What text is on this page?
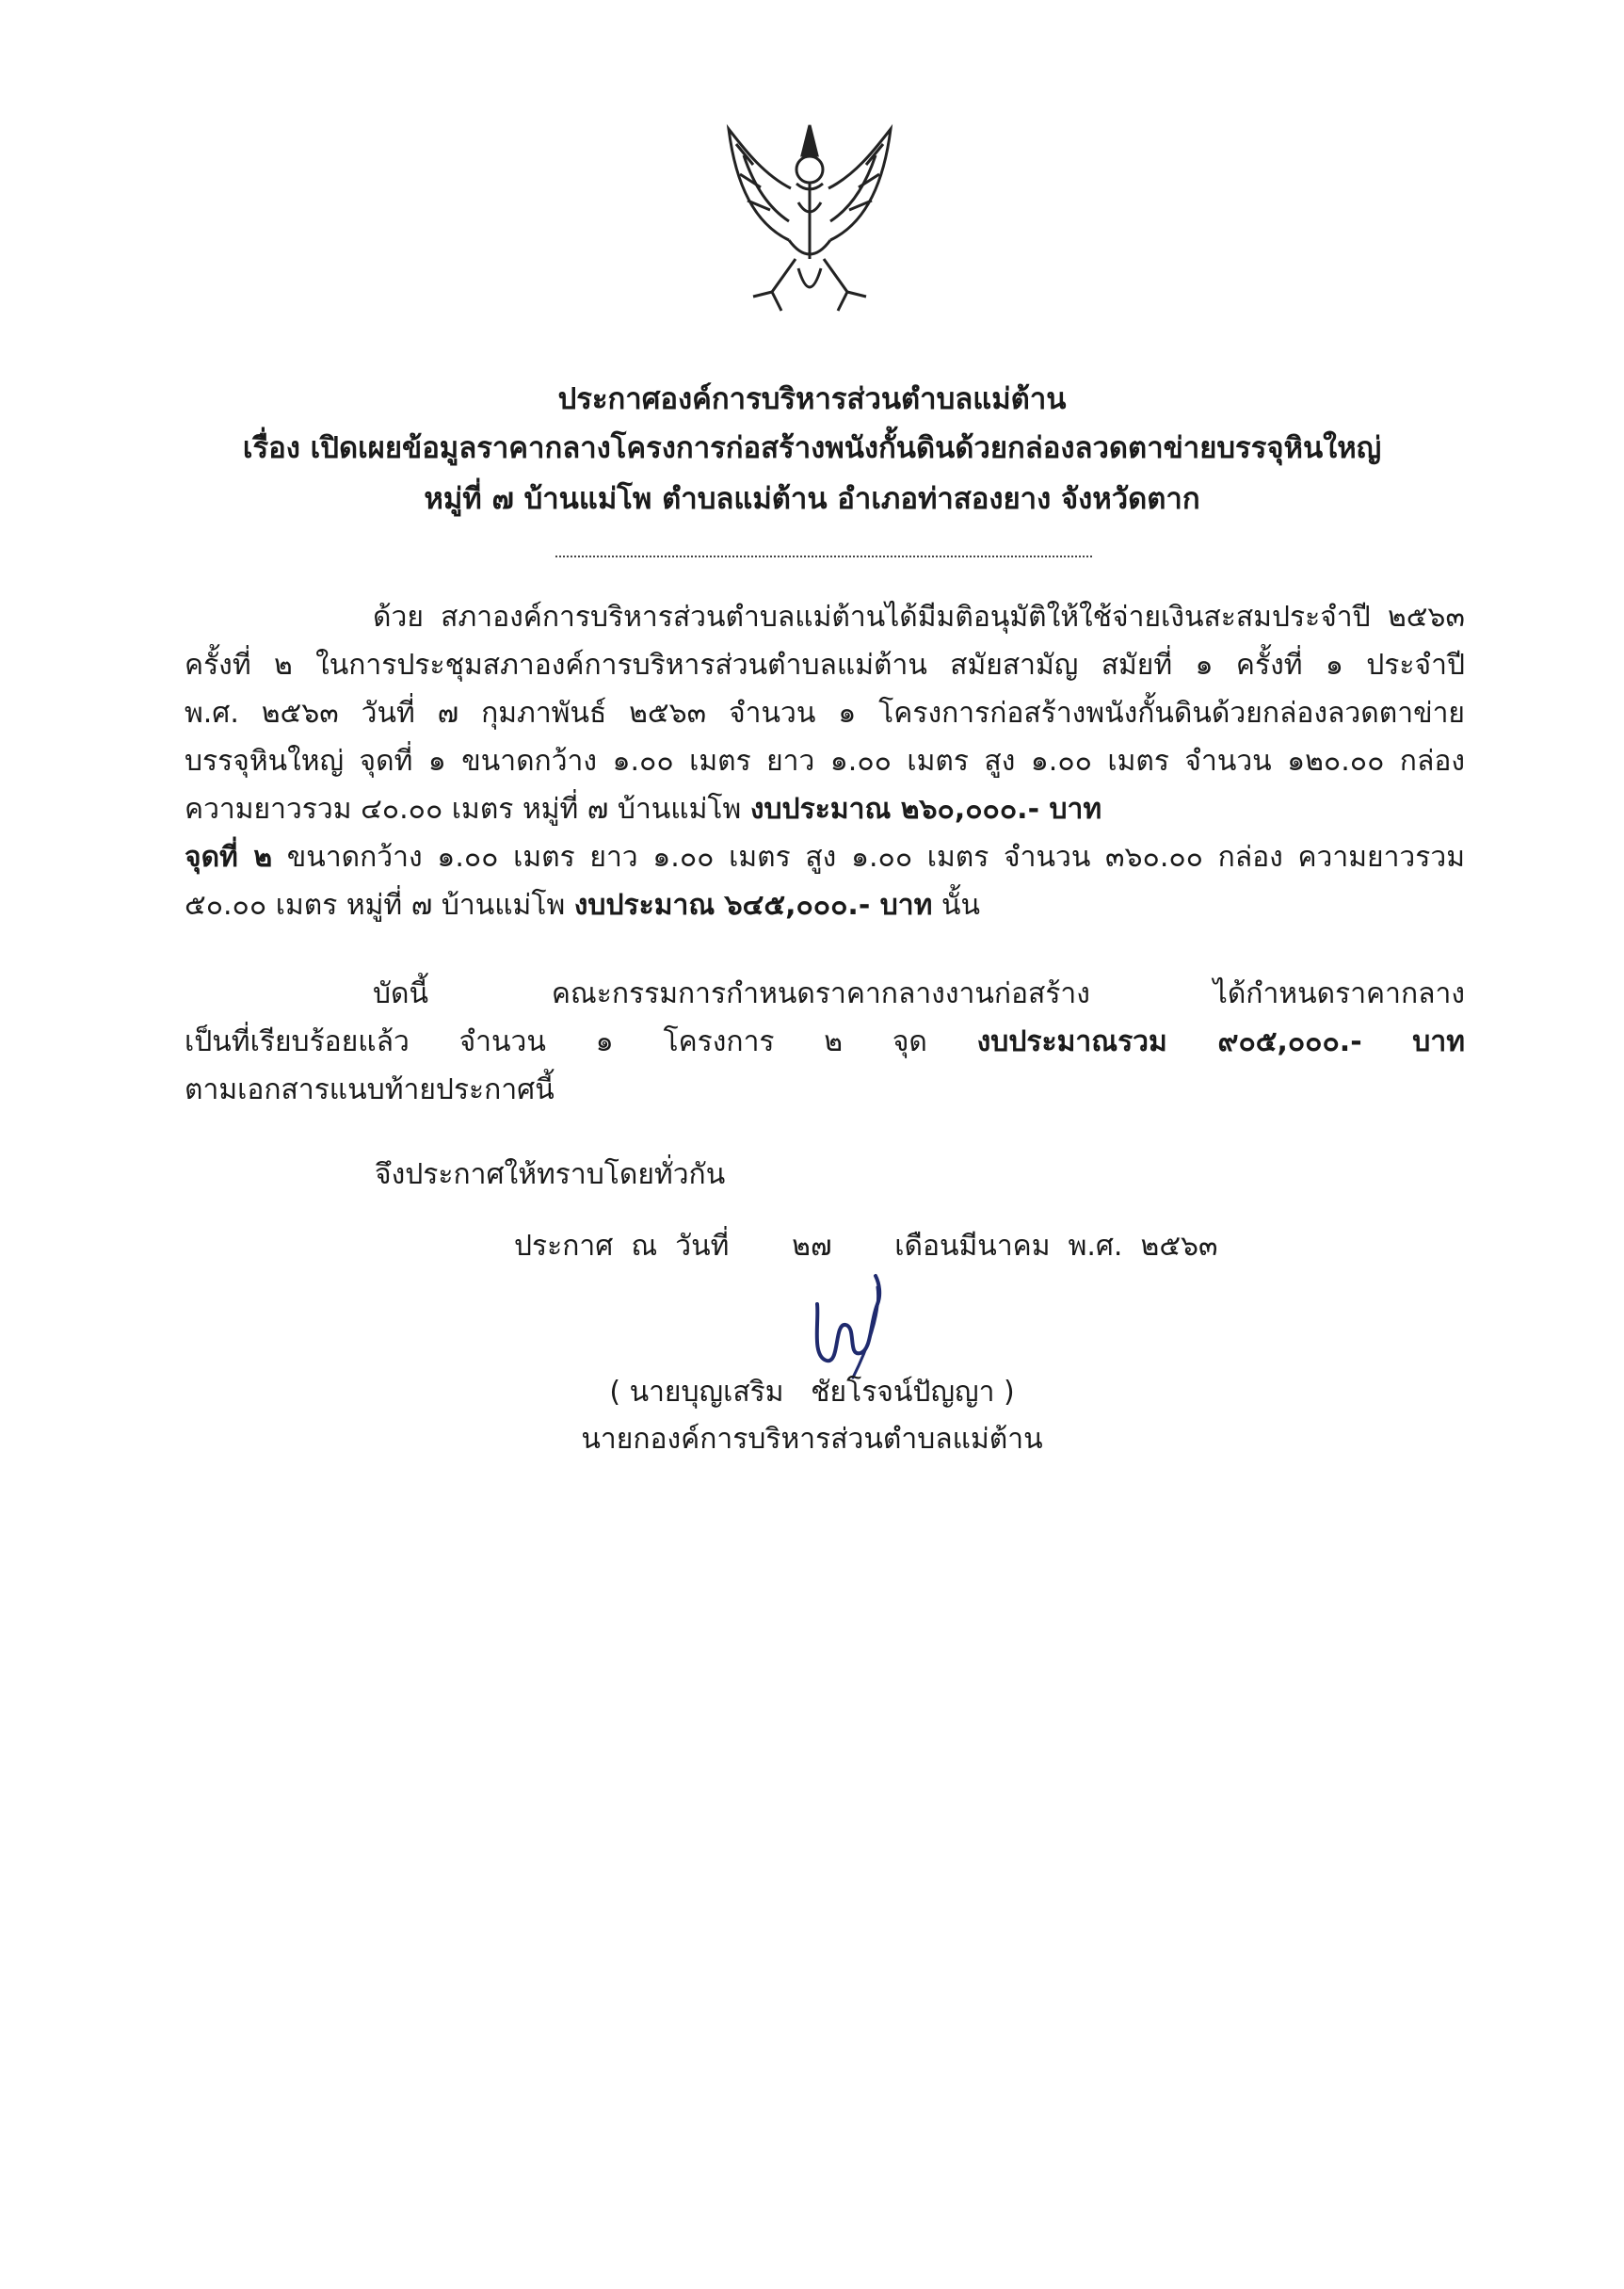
ประกาศองค์การบริหารส่วนตำบลแม่ต้าน
เรื่อง เปิดเผยข้อมูลราคากลางโครงการก่อสร้างพนังกั้นดินด้วยกล่องลวดตาข่ายบรรจุหินใหญ่
หมู่ที่ ๗ บ้านแม่โพ ตำบลแม่ต้าน อำเภอท่าสองยาง จังหวัดตาก
ด้วย สภาองค์การบริหารส่วนตำบลแม่ต้านได้มีมติอนุมัติให้ใช้จ่ายเงินสะสมประจำปี ๒๕๖๓
ครั้งที่ ๒ ในการประชุมสภาองค์การบริหารส่วนตำบลแม่ต้าน สมัยสามัญ สมัยที่ ๑ ครั้งที่ ๑ ประจำปี
พ.ศ. ๒๕๖๓ วันที่ ๗ กุมภาพันธ์ ๒๕๖๓ จำนวน ๑ โครงการก่อสร้างพนังกั้นดินด้วยกล่องลวดตาข่าย
บรรจุหินใหญ่ จุดที่ ๑ ขนาดกว้าง ๑.๐๐ เมตร ยาว ๑.๐๐ เมตร สูง ๑.๐๐ เมตร จำนวน ๑๒๐.๐๐ กล่อง
ความยาวรวม ๔๐.๐๐ เมตร หมู่ที่ ๗ บ้านแม่โพ งบประมาณ ๒๖๐,๐๐๐.- บาท
จุดที่ ๒ ขนาดกว้าง ๑.๐๐ เมตร ยาว ๑.๐๐ เมตร สูง ๑.๐๐ เมตร จำนวน ๓๖๐.๐๐ กล่อง ความยาวรวม
๕๐.๐๐ เมตร หมู่ที่ ๗ บ้านแม่โพ งบประมาณ ๖๔๕,๐๐๐.- บาท นั้น
บัดนี้ คณะกรรมการกำหนดราคากลางงานก่อสร้าง ได้กำหนดราคากลาง
เป็นที่เรียบร้อยแล้ว จำนวน ๑ โครงการ ๒ จุด งบประมาณรวม ๙๐๕,๐๐๐.- บาท
ตามเอกสารแนบท้ายประกาศนี้
จึงประกาศให้ทราบโดยทั่วกัน
ประกาศ  ณ  วันที่       ๒๗       เดือนมีนาคม  พ.ศ.  ๒๕๖๓
( นายบุญเสริม   ชัยโรจน์ปัญญา )
นายกองค์การบริหารส่วนตำบลแม่ต้าน
